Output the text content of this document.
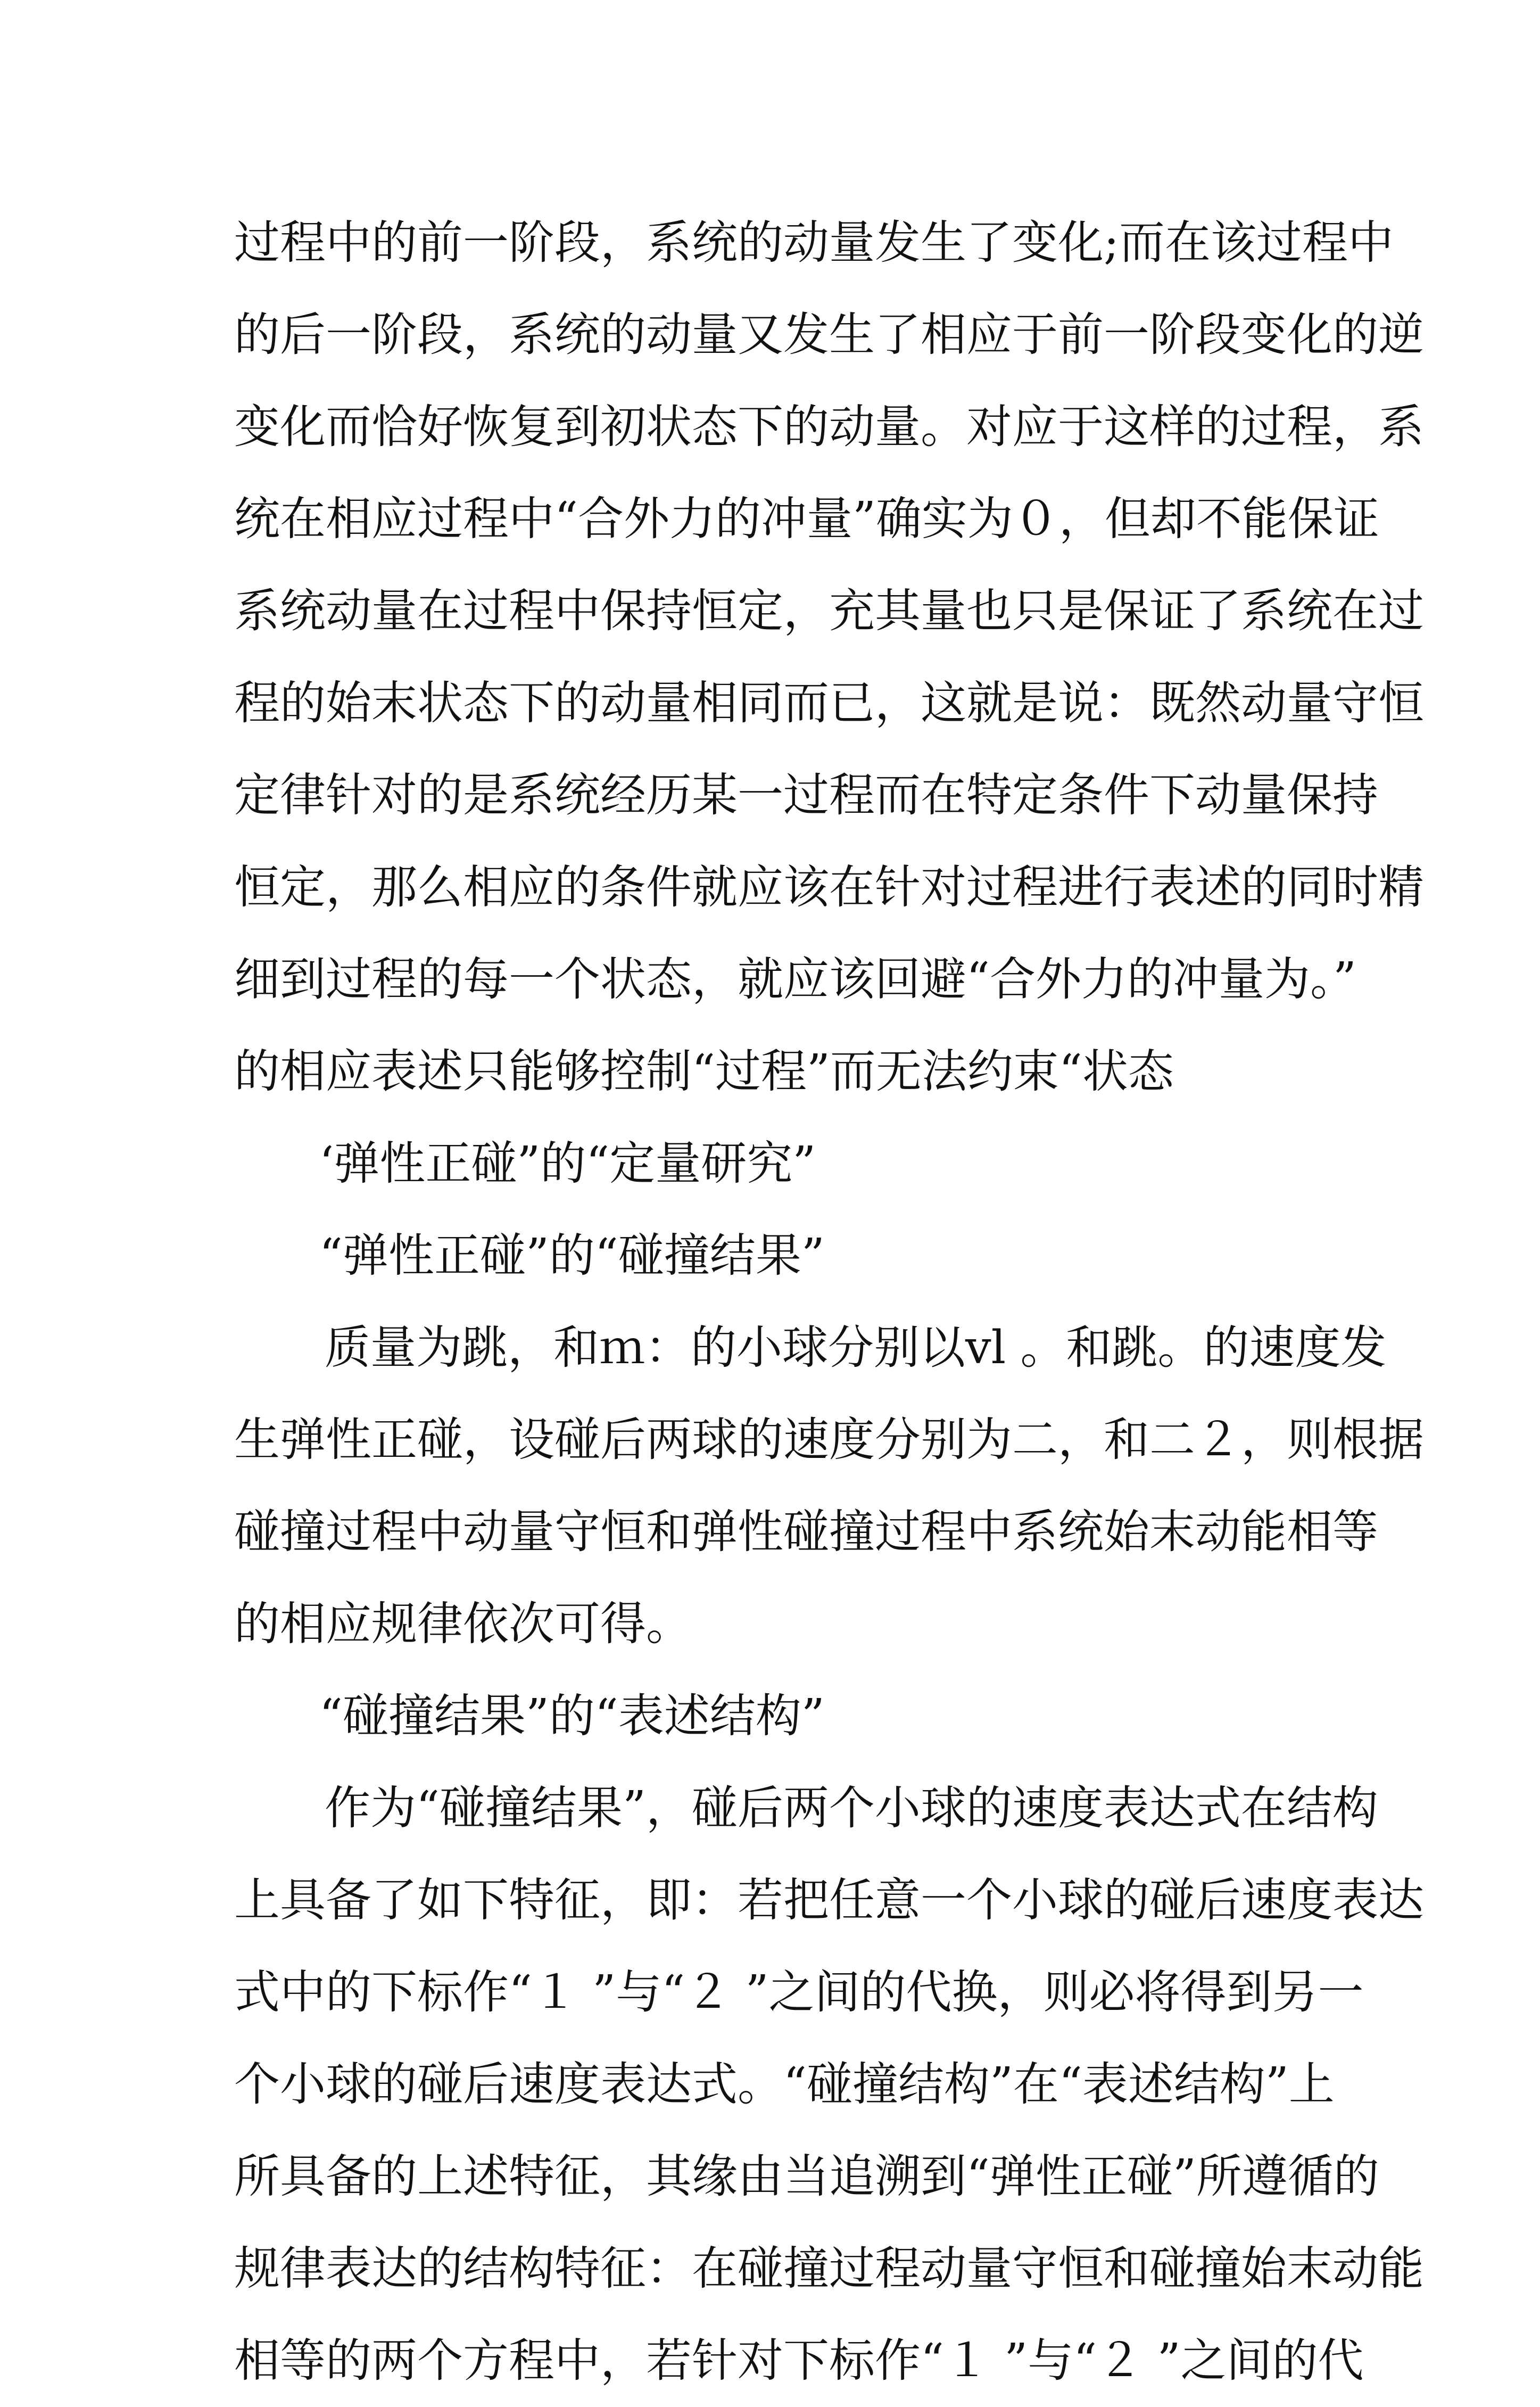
过程中的前一阶段，系统的动量发生了变化;而在该过程中
的后一阶段，系统的动量又发生了相应于前一阶段变化的逆
变化而恰好恢复到初状态下的动量。对应于这样的过程，系
统在相应过程中“合外力的冲量”确实为０，但却不能保证
系统动量在过程中保持恒定，充其量也只是保证了系统在过
程的始末状态下的动量相同而已，这就是说：既然动量守恒
定律针对的是系统经历某一过程而在特定条件下动量保持
恒定，那么相应的条件就应该在针对过程进行表述的同时精
细到过程的每一个状态，就应该回避“合外力的冲量为。”
的相应表述只能够控制“过程”而无法约束“状态
‘弹性正碰”的“定量研究”
“弹性正碰”的“碰撞结果”
质量为跳，和ｍ：的小球分别以vl 。和跳。的速度发
生弹性正碰，设碰后两球的速度分别为二，和二２，则根据
碰撞过程中动量守恒和弹性碰撞过程中系统始末动能相等
的相应规律依次可得。
“碰撞结果”的“表述结构”
作为“碰撞结果”，碰后两个小球的速度表达式在结构
上具备了如下特征，即：若把任意一个小球的碰后速度表达
式中的下标作“１ ”与“２ ”之间的代换，则必将得到另一
个小球的碰后速度表达式。“碰撞结构”在“表述结构”上
所具备的上述特征，其缘由当追溯到“弹性正碰”所遵循的
规律表达的结构特征：在碰撞过程动量守恒和碰撞始末动能
相等的两个方程中，若针对下标作“１ ”与“２ ”之间的代
